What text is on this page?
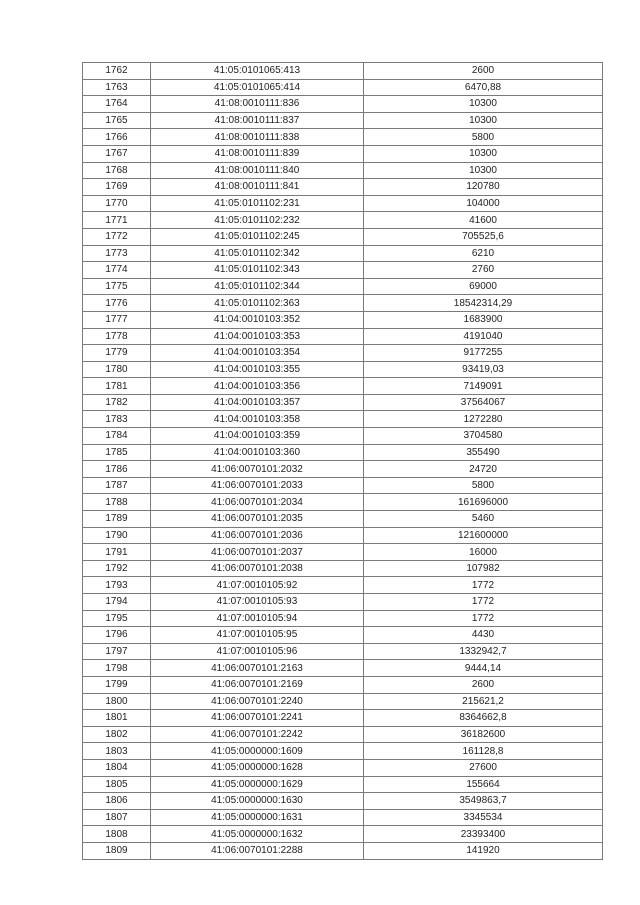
1762	41:05:0101065:413	2600
1763	41:05:0101065:414	6470,88
1764	41:08:0010111:836	10300
1765	41:08:0010111:837	10300
1766	41:08:0010111:838	5800
1767	41:08:0010111:839	10300
1768	41:08:0010111:840	10300
1769	41:08:0010111:841	120780
1770	41:05:0101102:231	104000
1771	41:05:0101102:232	41600
1772	41:05:0101102:245	705525,6
1773	41:05:0101102:342	6210
1774	41:05:0101102:343	2760
1775	41:05:0101102:344	69000
1776	41:05:0101102:363	18542314,29
1777	41:04:0010103:352	1683900
1778	41:04:0010103:353	4191040
1779	41:04:0010103:354	9177255
1780	41:04:0010103:355	93419,03
1781	41:04:0010103:356	7149091
1782	41:04:0010103:357	37564067
1783	41:04:0010103:358	1272280
1784	41:04:0010103:359	3704580
1785	41:04:0010103:360	355490
1786	41:06:0070101:2032	24720
1787	41:06:0070101:2033	5800
1788	41:06:0070101:2034	161696000
1789	41:06:0070101:2035	5460
1790	41:06:0070101:2036	121600000
1791	41:06:0070101:2037	16000
1792	41:06:0070101:2038	107982
1793	41:07:0010105:92	1772
1794	41:07:0010105:93	1772
1795	41:07:0010105:94	1772
1796	41:07:0010105:95	4430
1797	41:07:0010105:96	1332942,7
1798	41:06:0070101:2163	9444,14
1799	41:06:0070101:2169	2600
1800	41:06:0070101:2240	215621,2
1801	41:06:0070101:2241	8364662,8
1802	41:06:0070101:2242	36182600
1803	41:05:0000000:1609	161128,8
1804	41:05:0000000:1628	27600
1805	41:05:0000000:1629	155664
1806	41:05:0000000:1630	3549863,7
1807	41:05:0000000:1631	3345534
1808	41:05:0000000:1632	23393400
1809	41:06:0070101:2288	141920
